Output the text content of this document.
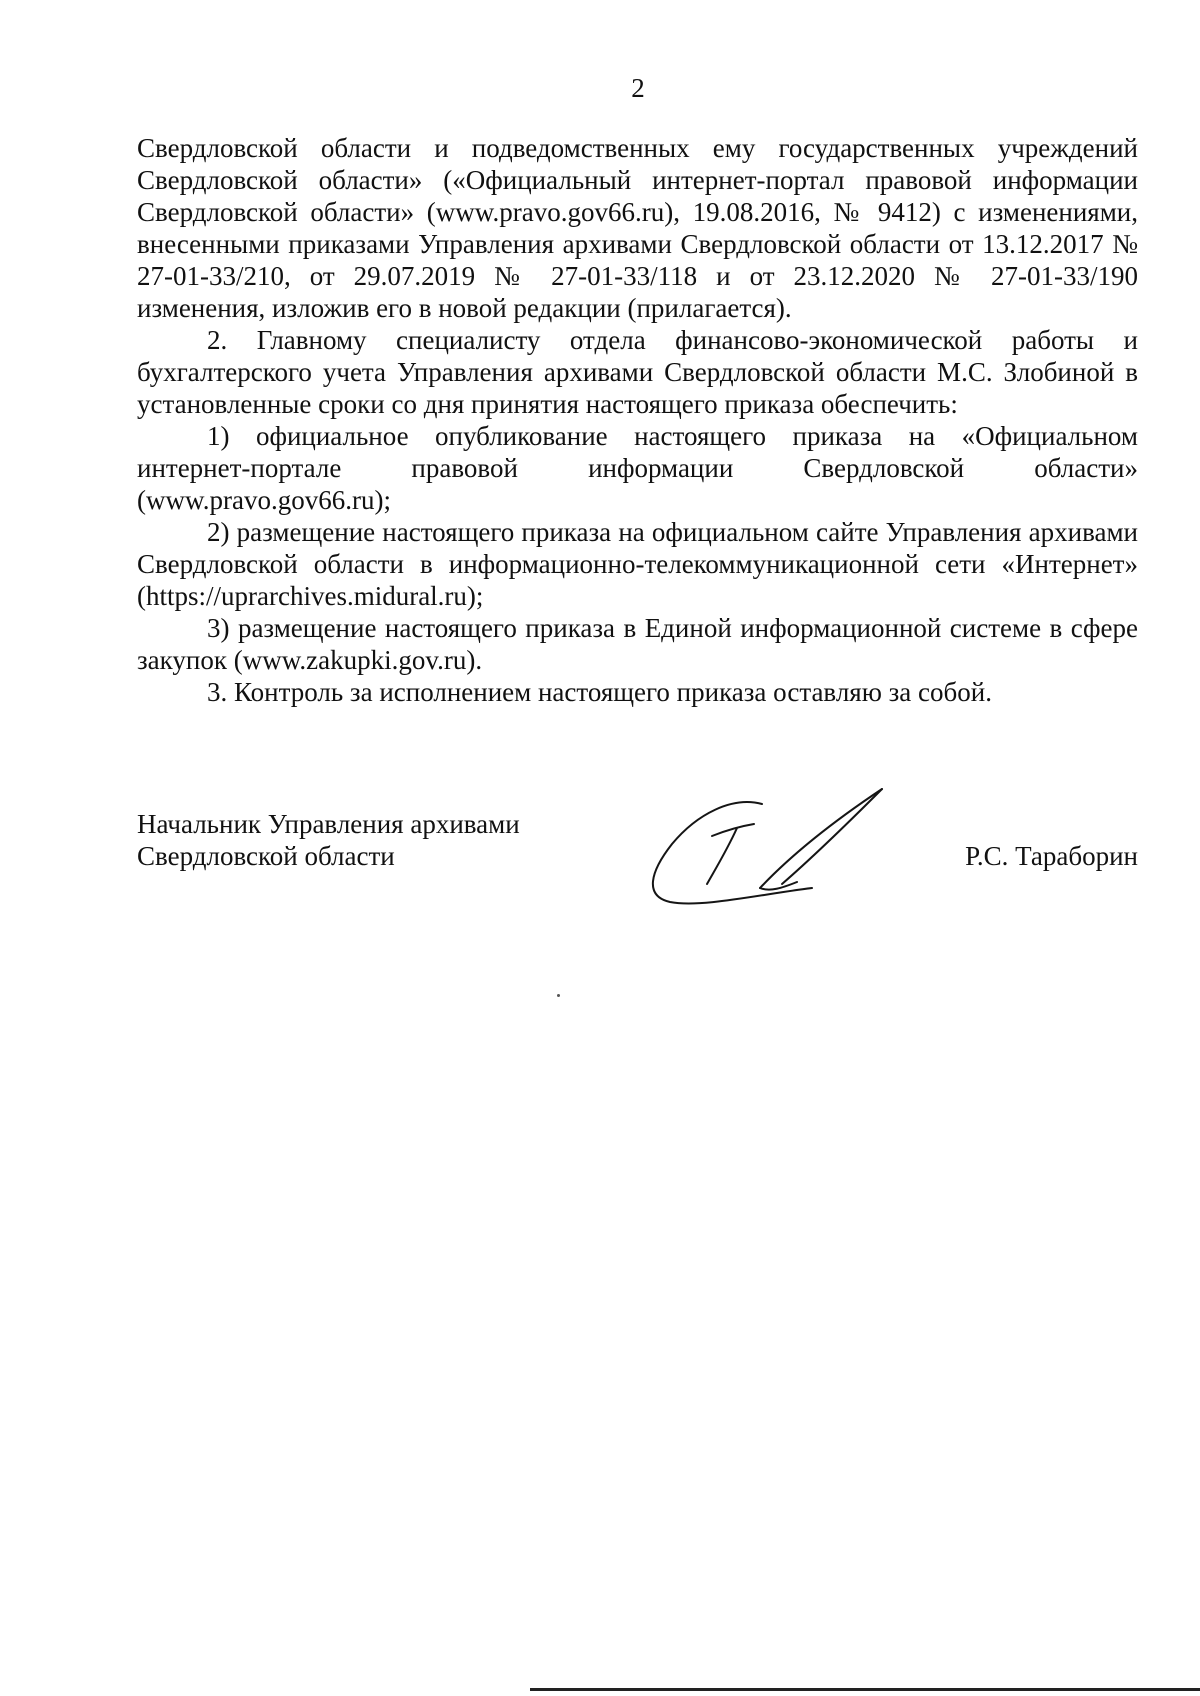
2

Свердловской области и подведомственных ему государственных учреждений Свердловской области» («Официальный интернет-портал правовой информации Свердловской области» (www.pravo.gov66.ru), 19.08.2016, № 9412) с изменениями, внесенными приказами Управления архивами Свердловской области от 13.12.2017 № 27-01-33/210, от 29.07.2019 № 27-01-33/118 и от 23.12.2020 № 27-01-33/190 изменения, изложив его в новой редакции (прилагается).

2. Главному специалисту отдела финансово-экономической работы и бухгалтерского учета Управления архивами Свердловской области М.С. Злобиной в установленные сроки со дня принятия настоящего приказа обеспечить:

1) официальное опубликование настоящего приказа на «Официальном интернет-портале правовой информации Свердловской области» (www.pravo.gov66.ru);

2) размещение настоящего приказа на официальном сайте Управления архивами Свердловской области в информационно-телекоммуникационной сети «Интернет» (https://uprarchives.midural.ru);

3) размещение настоящего приказа в Единой информационной системе в сфере закупок (www.zakupki.gov.ru).

3. Контроль за исполнением настоящего приказа оставляю за собой.

Начальник Управления архивами
Свердловской области	Р.С. Тараборин
